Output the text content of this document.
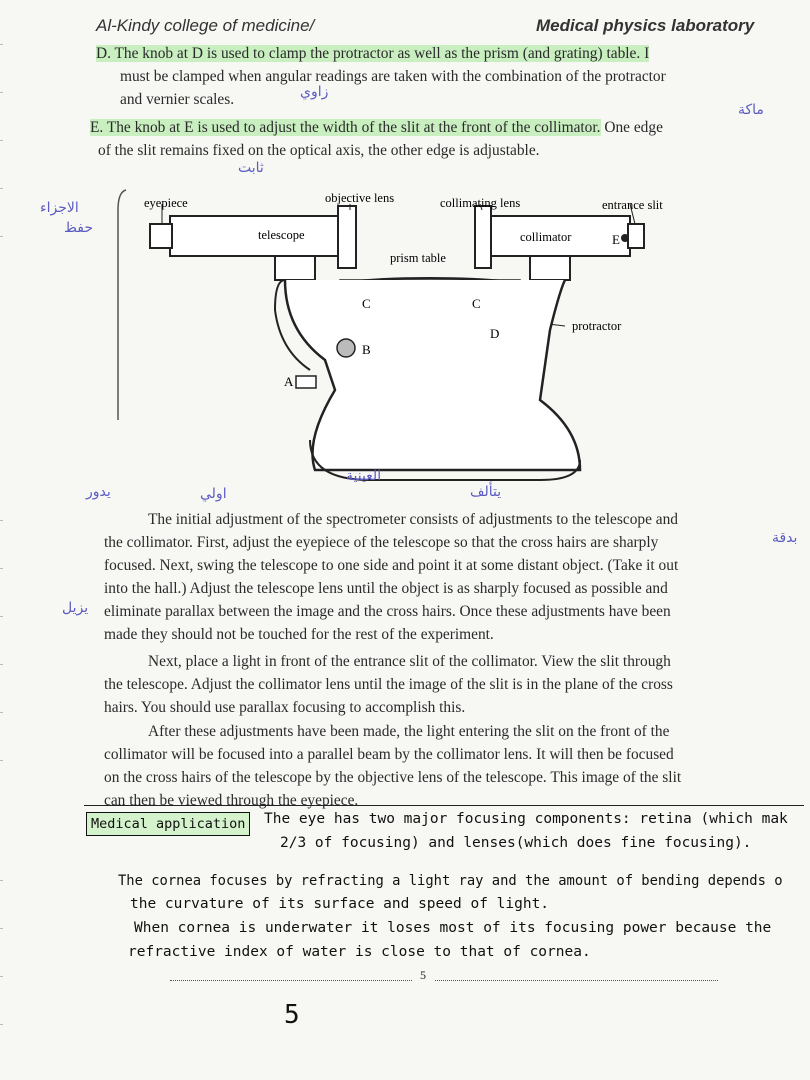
Al-Kindy college of medicine/	Medical physics laboratory
D. The knob at D is used to clamp the protractor as well as the prism (and grating) table. I
must be clamped when angular readings are taken with the combination of the protractor
and vernier scales.
E. The knob at E is used to adjust the width of the slit at the front of the collimator. One edge
of the slit remains fixed on the optical axis, the other edge is adjustable.
زاوي
ماكة
ثابت
الاجزاء
حفظ
eyepiece	objective lens	collimating lens	entrance slit
telescope	collimator
prism table
protractor
A
B
C	C
D
E
العينية
يدور	اولي	يتألف
بدقة
يزيل
The initial adjustment of the spectrometer consists of adjustments to the telescope and
the collimator. First, adjust the eyepiece of the telescope so that the cross hairs are sharply
focused. Next, swing the telescope to one side and point it at some distant object. (Take it out
into the hall.) Adjust the telescope lens until the object is as sharply focused as possible and
eliminate parallax between the image and the cross hairs. Once these adjustments have been
made they should not be touched for the rest of the experiment.
Next, place a light in front of the entrance slit of the collimator. View the slit through
the telescope. Adjust the collimator lens until the image of the slit is in the plane of the cross
hairs. You should use parallax focusing to accomplish this.
After these adjustments have been made, the light entering the slit on the front of the
collimator will be focused into a parallel beam by the collimator lens. It will then be focused
on the cross hairs of the telescope by the objective lens of the telescope. This image of the slit
can then be viewed through the eyepiece.
Medical application	The eye has two major focusing components: retina (which mak
2/3 of focusing) and lenses(which does fine focusing).
The cornea focuses by refracting a light ray and the amount of bending depends o
the curvature of its surface and speed of light.
When cornea is underwater it loses most of its focusing power because the
refractive index of water is close to that of cornea.
5
5
